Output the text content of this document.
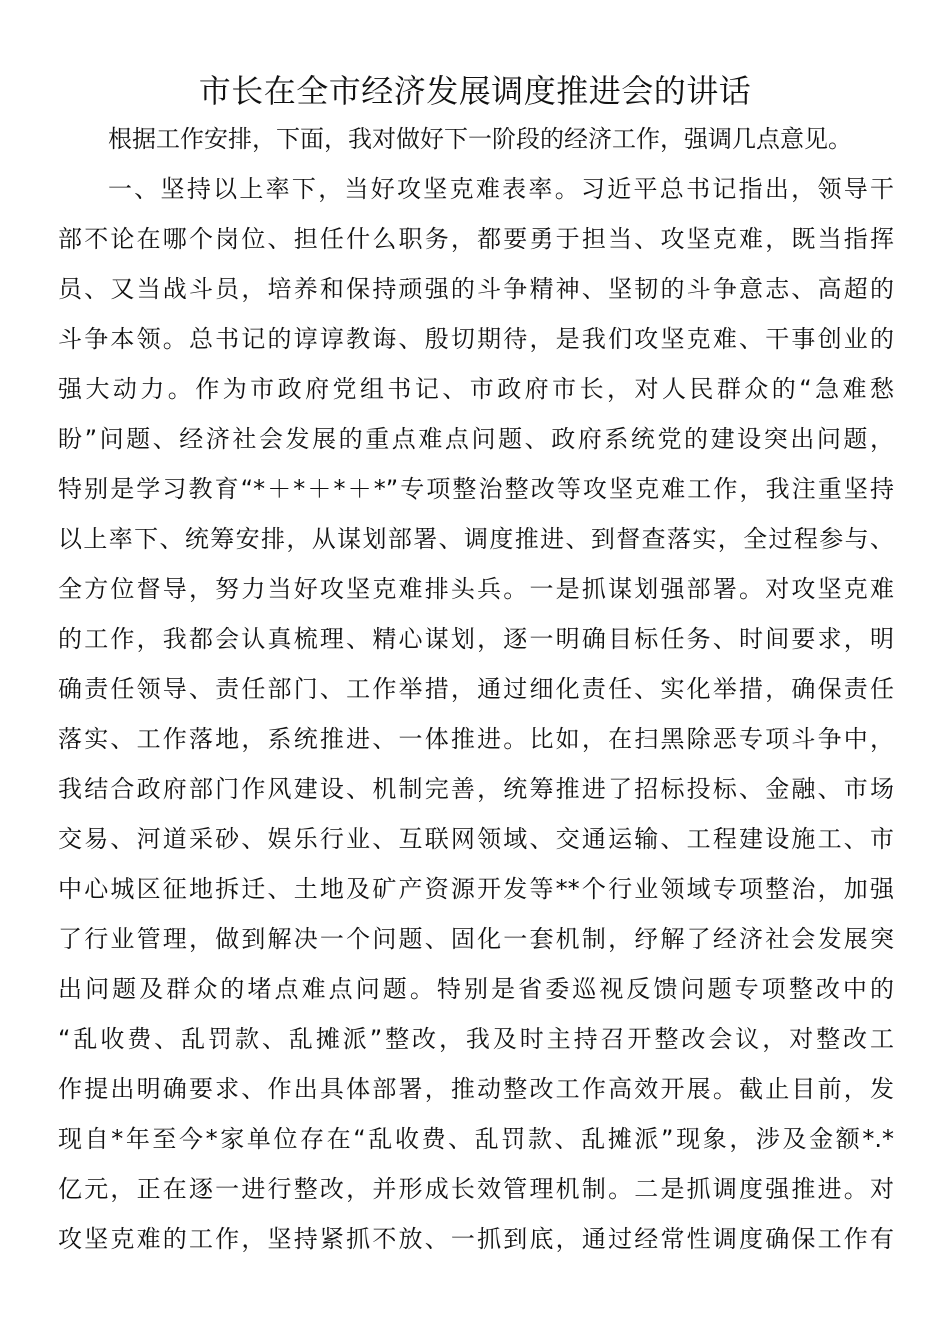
市长在全市经济发展调度推进会的讲话

根据工作安排，下面，我对做好下一阶段的经济工作，强调几点意见。

一、坚持以上率下，当好攻坚克难表率。习近平总书记指出，领导干

部不论在哪个岗位、担任什么职务，都要勇于担当、攻坚克难，既当指挥

员、又当战斗员，培养和保持顽强的斗争精神、坚韧的斗争意志、高超的

斗争本领。总书记的谆谆教诲、殷切期待，是我们攻坚克难、干事创业的

强大动力。作为市政府党组书记、市政府市长，对人民群众的“急难愁

盼”问题、经济社会发展的重点难点问题、政府系统党的建设突出问题，

特别是学习教育“*＋*＋*＋*”专项整治整改等攻坚克难工作，我注重坚持

以上率下、统筹安排，从谋划部署、调度推进、到督查落实，全过程参与、

全方位督导，努力当好攻坚克难排头兵。一是抓谋划强部署。对攻坚克难

的工作，我都会认真梳理、精心谋划，逐一明确目标任务、时间要求，明

确责任领导、责任部门、工作举措，通过细化责任、实化举措，确保责任

落实、工作落地，系统推进、一体推进。比如，在扫黑除恶专项斗争中，

我结合政府部门作风建设、机制完善，统筹推进了招标投标、金融、市场

交易、河道采砂、娱乐行业、互联网领域、交通运输、工程建设施工、市

中心城区征地拆迁、土地及矿产资源开发等**个行业领域专项整治，加强

了行业管理，做到解决一个问题、固化一套机制，纾解了经济社会发展突

出问题及群众的堵点难点问题。特别是省委巡视反馈问题专项整改中的

“乱收费、乱罚款、乱摊派”整改，我及时主持召开整改会议，对整改工

作提出明确要求、作出具体部署，推动整改工作高效开展。截止目前，发

现自*年至今*家单位存在“乱收费、乱罚款、乱摊派”现象，涉及金额*.*

亿元，正在逐一进行整改，并形成长效管理机制。二是抓调度强推进。对

攻坚克难的工作，坚持紧抓不放、一抓到底，通过经常性调度确保工作有
